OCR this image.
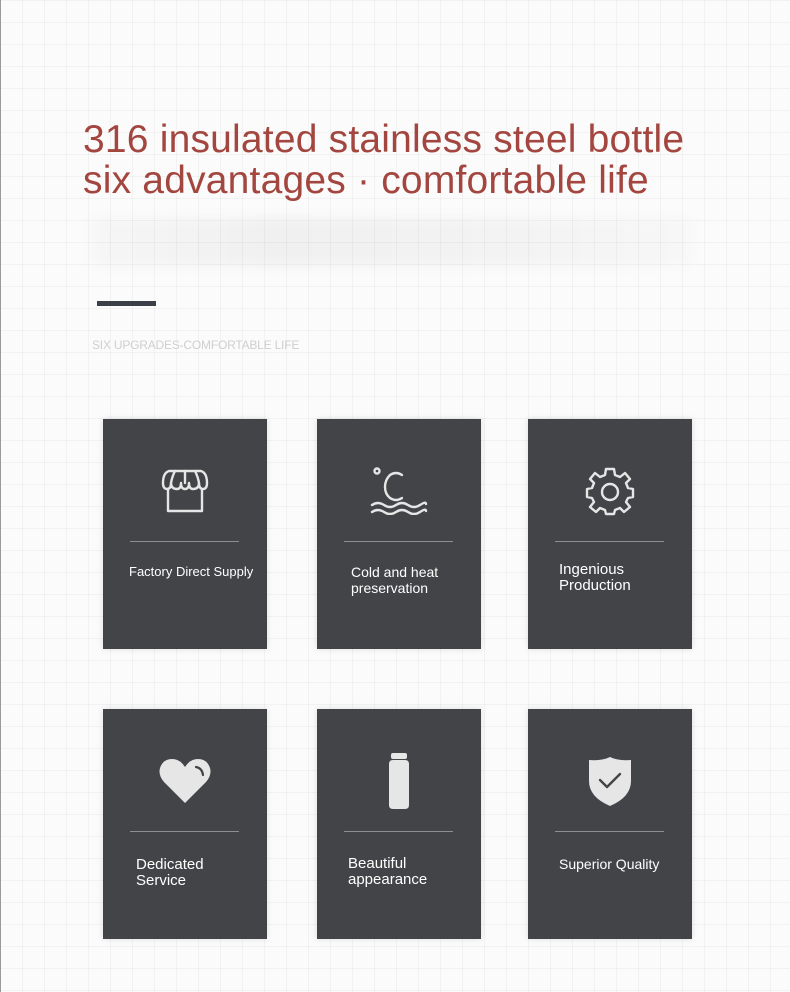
316 insulated stainless steel bottle
six advantages · comfortable life
SIX UPGRADES-COMFORTABLE LIFE
Factory Direct Supply	Cold and heat
preservation
Ingenious
Production
Dedicated
Service
Beautiful
appearance
Superior Quality
